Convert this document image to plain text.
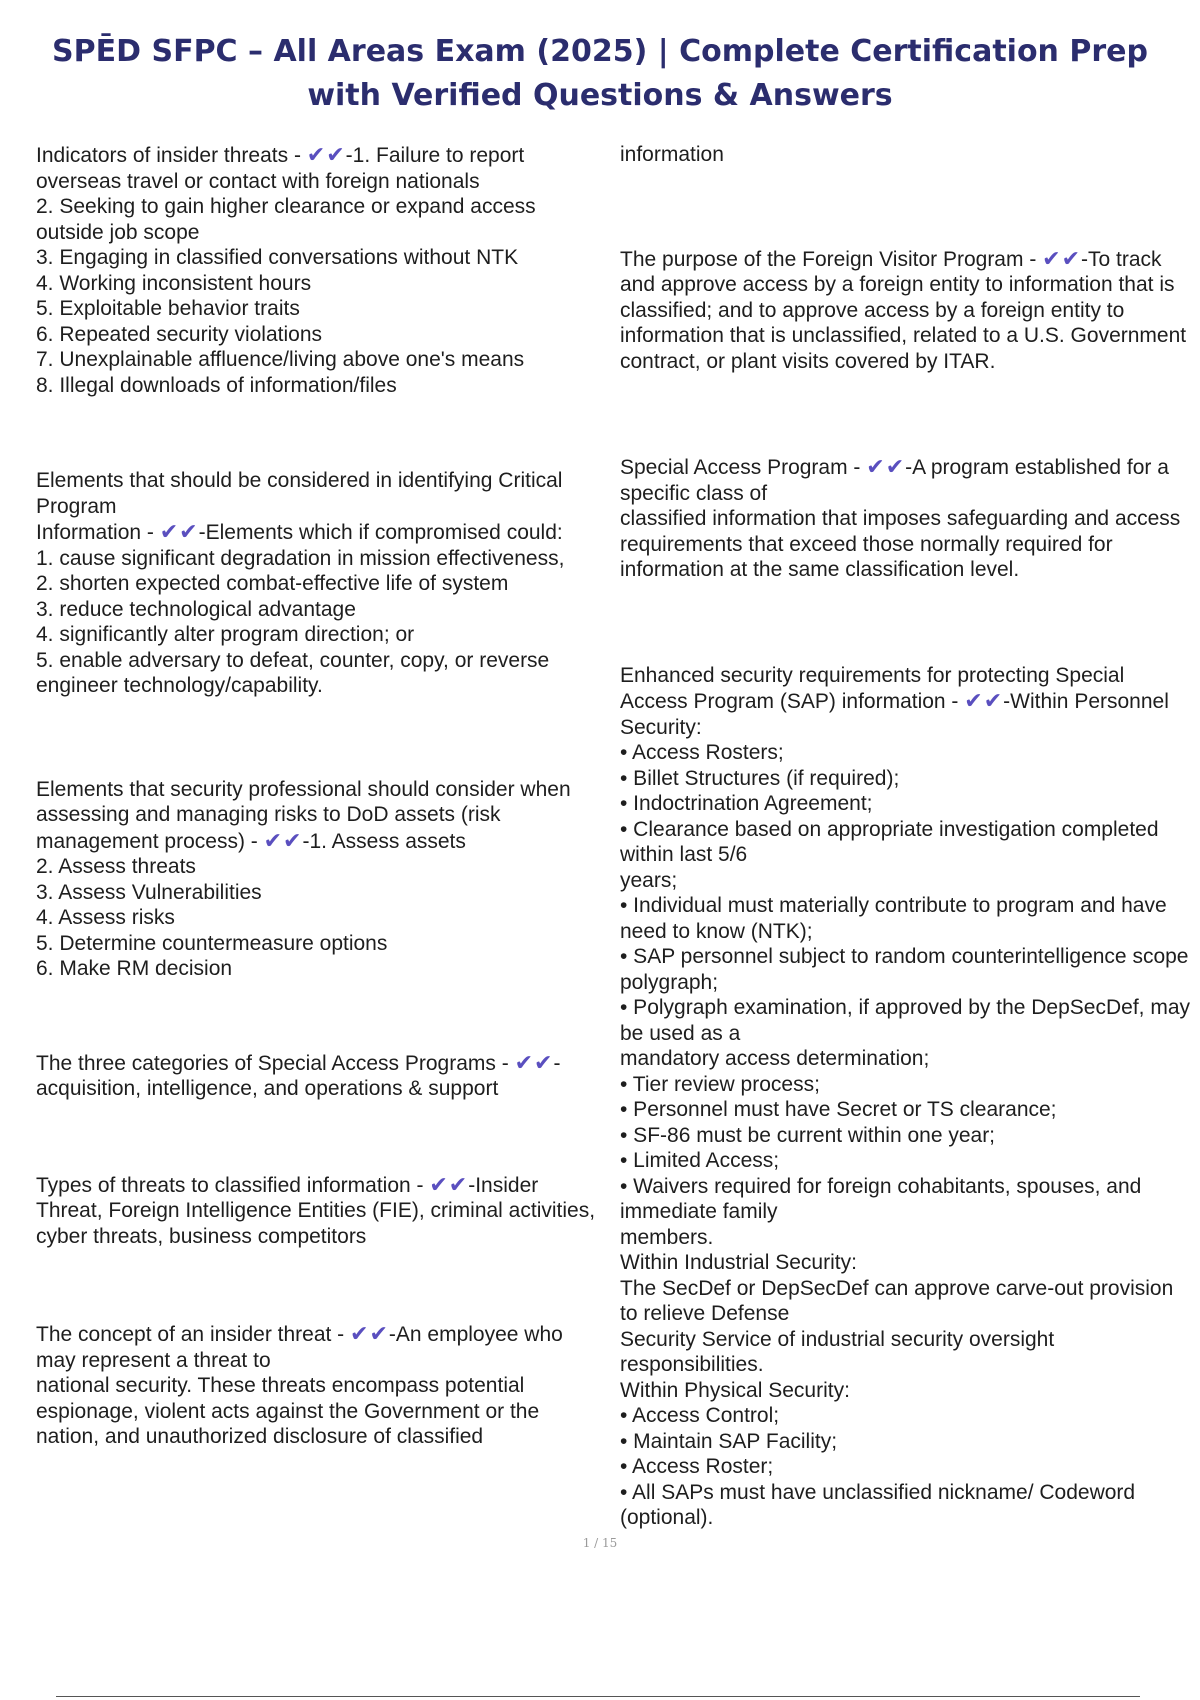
SPĒD SFPC – All Areas Exam (2025) | Complete Certification Prep with Verified Questions & Answers

Indicators of insider threats - ✔✔-1. Failure to report overseas travel or contact with foreign nationals
2. Seeking to gain higher clearance or expand access outside job scope
3. Engaging in classified conversations without NTK
4. Working inconsistent hours
5. Exploitable behavior traits
6. Repeated security violations
7. Unexplainable affluence/living above one's means
8. Illegal downloads of information/files

Elements that should be considered in identifying Critical Program
Information - ✔✔-Elements which if compromised could:
1. cause significant degradation in mission effectiveness,
2. shorten expected combat-effective life of system
3. reduce technological advantage
4. significantly alter program direction; or
5. enable adversary to defeat, counter, copy, or reverse engineer technology/capability.

Elements that security professional should consider when assessing and managing risks to DoD assets (risk management process) - ✔✔-1. Assess assets
2. Assess threats
3. Assess Vulnerabilities
4. Assess risks
5. Determine countermeasure options
6. Make RM decision

The three categories of Special Access Programs - ✔✔-acquisition, intelligence, and operations & support

Types of threats to classified information - ✔✔-Insider Threat, Foreign Intelligence Entities (FIE), criminal activities, cyber threats, business competitors

The concept of an insider threat - ✔✔-An employee who may represent a threat to
national security. These threats encompass potential espionage, violent acts against the Government or the nation, and unauthorized disclosure of classified

information

The purpose of the Foreign Visitor Program - ✔✔-To track and approve access by a foreign entity to information that is classified; and to approve access by a foreign entity to information that is unclassified, related to a U.S. Government contract, or plant visits covered by ITAR.

Special Access Program - ✔✔-A program established for a specific class of
classified information that imposes safeguarding and access requirements that exceed those normally required for information at the same classification level.

Enhanced security requirements for protecting Special Access Program (SAP) information - ✔✔-Within Personnel Security:
• Access Rosters;
• Billet Structures (if required);
• Indoctrination Agreement;
• Clearance based on appropriate investigation completed within last 5/6
years;
• Individual must materially contribute to program and have need to know (NTK);
• SAP personnel subject to random counterintelligence scope polygraph;
• Polygraph examination, if approved by the DepSecDef, may be used as a
mandatory access determination;
• Tier review process;
• Personnel must have Secret or TS clearance;
• SF-86 must be current within one year;
• Limited Access;
• Waivers required for foreign cohabitants, spouses, and immediate family
members.
Within Industrial Security:
The SecDef or DepSecDef can approve carve-out provision to relieve Defense
Security Service of industrial security oversight responsibilities.
Within Physical Security:
• Access Control;
• Maintain SAP Facility;
• Access Roster;
• All SAPs must have unclassified nickname/ Codeword (optional).

1 / 15
